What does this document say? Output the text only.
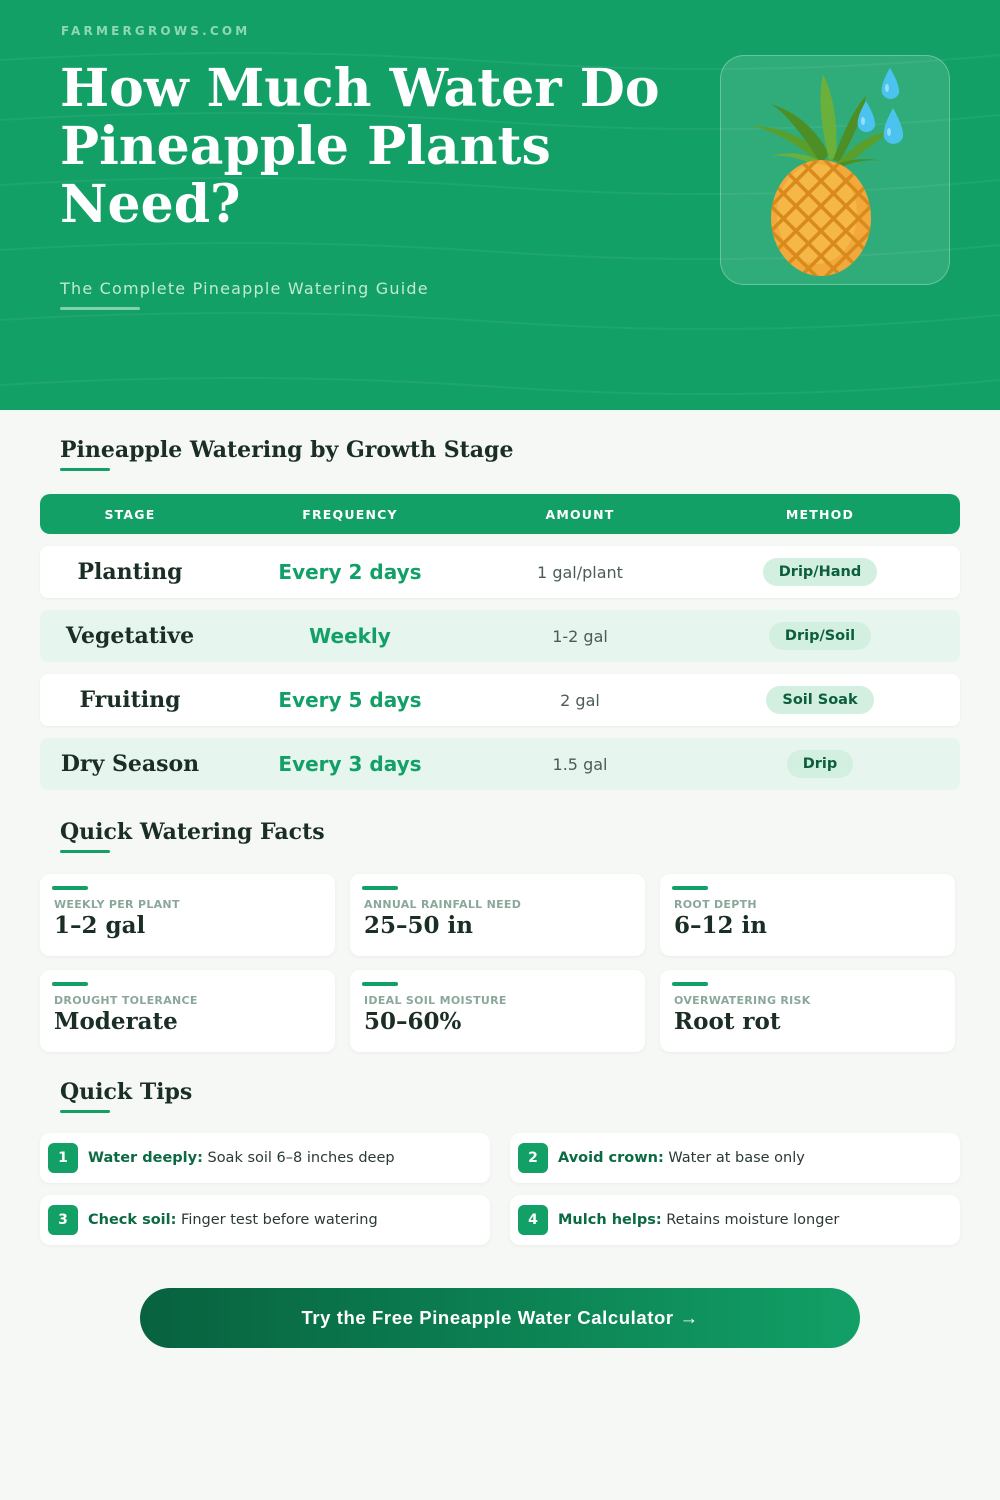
FARMERGROWS.COM
How Much Water Do Pineapple Plants Need?
The Complete Pineapple Watering Guide
Pineapple Watering by Growth Stage
STAGE	FREQUENCY	AMOUNT	METHOD
Planting	Every 2 days	1 gal/plant	Drip/Hand
Vegetative	Weekly	1-2 gal	Drip/Soil
Fruiting	Every 5 days	2 gal	Soil Soak
Dry Season	Every 3 days	1.5 gal	Drip
Quick Watering Facts
WEEKLY PER PLANT
1–2 gal
ANNUAL RAINFALL NEED
25–50 in
ROOT DEPTH
6–12 in
DROUGHT TOLERANCE
Moderate
IDEAL SOIL MOISTURE
50–60%
OVERWATERING RISK
Root rot
Quick Tips
1	Water deeply: Soak soil 6–8 inches deep	2	Avoid crown: Water at base only
3	Check soil: Finger test before watering	4	Mulch helps: Retains moisture longer
Try the Free Pineapple Water Calculator →
